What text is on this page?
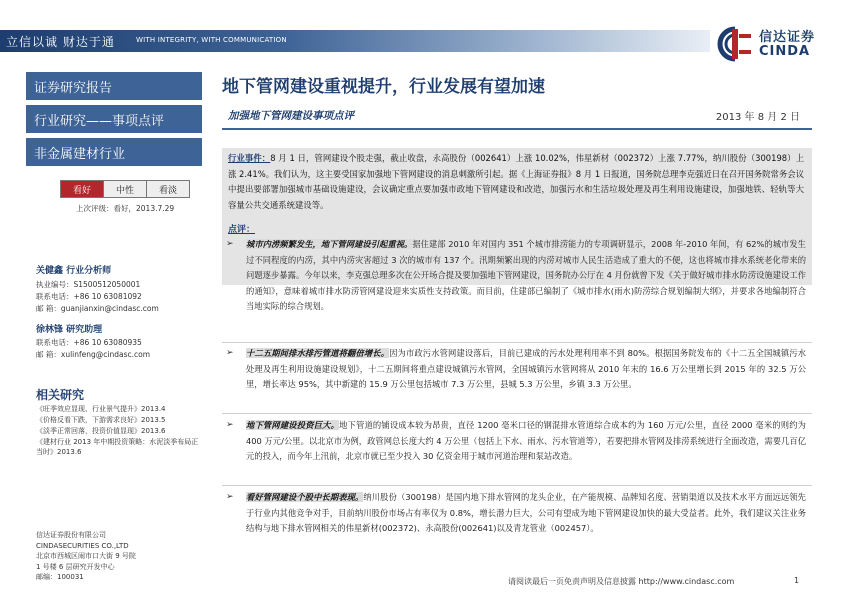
立信以诚 财达于通	WITH INTEGRITY, WITH COMMUNICATION	信达证券
CINDA
证券研究报告
行业研究——事项点评
非金属建材行业
看好	中性	看淡
上次评级：看好，2013.7.29
关健鑫 行业分析师
执业编号：S1500512050001
联系电话：+86 10 63081092
邮 箱：guanjianxin@cindasc.com
徐林锋 研究助理
联系电话：+86 10 63080935
邮 箱：xulinfeng@cindasc.com
相关研究
《旺季效应显现、行业景气提升》2013.4
《价格反看下跌，下游需求良好》2013.5
《淡季正常回落，投资价值显现》2013.6
《建材行业 2013 年中期投资策略：水泥淡季布局正当时》2013.6
信达证券股份有限公司
CINDASECURITIES CO.,LTD
北京市西城区闹市口大街 9 号院
1 号楼 6 层研究开发中心
邮编：100031
地下管网建设重视提升，行业发展有望加速
加强地下管网建设事项点评	2013 年 8 月 2 日
行业事件：8 月 1 日，管网建设个股走强，截止收盘，永高股份（002641）上涨 10.02%，伟星新材（002372）上涨 7.77%，纳川股份（300198）上涨 2.41%。我们认为，这主要受国家加强地下管网建设的消息刺激所引起。据《上海证券报》8 月 1 日报道，国务院总理李克强近日在召开国务院常务会议中提出要部署加强城市基础设施建设，会议确定重点要加强市政地下管网建设和改造，加强污水和生活垃圾处理及再生利用设施建设，加强地铁、轻轨等大容量公共交通系统建设等。
点评：
➢ 城市内涝频繁发生，地下管网建设引起重视。据住建部 2010 年对国内 351 个城市排涝能力的专项调研显示，2008 年-2010 年间，有 62%的城市发生过不同程度的内涝，其中内涝灾害超过 3 次的城市有 137 个。汛期频繁出现的内涝对城市人民生活造成了重大的不便，这也将城市排水系统老化带来的问题逐步暴露。今年以来，李克强总理多次在公开场合提及要加强地下管网建设，国务院办公厅在 4 月份就曾下发《关于做好城市排水防涝设施建设工作的通知》，意味着城市排水防涝管网建设迎来实质性支持政策。而目前，住建部已编制了《城市排水(雨水)防涝综合规划编制大纲》，并要求各地编制符合当地实际的综合规划。
➢ 十二五期间排水排污管道将翻倍增长。因为市政污水管网建设落后，目前已建成的污水处理利用率不到 80%。根据国务院发布的《十二五全国城镇污水处理及再生利用设施建设规划》，十二五期间将重点建设城镇污水管网，全国城镇污水管网将从 2010 年末的 16.6 万公里增长到 2015 年的 32.5 万公里，增长率达 95%，其中新建的 15.9 万公里包括城市 7.3 万公里，县城 5.3 万公里，乡镇 3.3 万公里。
➢ 地下管网建设投资巨大。地下管道的铺设成本较为昂贵，直径 1200 毫米口径的钢混排水管道综合成本约为 160 万元/公里，直径 2000 毫米的则约为 400 万元/公里。以北京市为例，政管网总长度大约 4 万公里（包括上下水、雨水、污水管道等），若要把排水管网及排涝系统进行全面改造，需要几百亿元的投入，而今年上汛前，北京市就已至少投入 30 亿资金用于城市河道治理和泵站改造。
➢ 看好管网建设个股中长期表现。纳川股份（300198）是国内地下排水管网的龙头企业，在产能规模、品牌知名度、营销渠道以及技术水平方面远远领先于行业内其他竞争对手，目前纳川股份市场占有率仅为 0.8%，增长潜力巨大，公司有望成为地下管网建设加快的最大受益者。此外，我们建议关注业务结构与地下排水管网相关的伟星新材(002372)、永高股份(002641)以及青龙管业（002457）。
请阅读最后一页免责声明及信息披露 http://www.cindasc.com	1
